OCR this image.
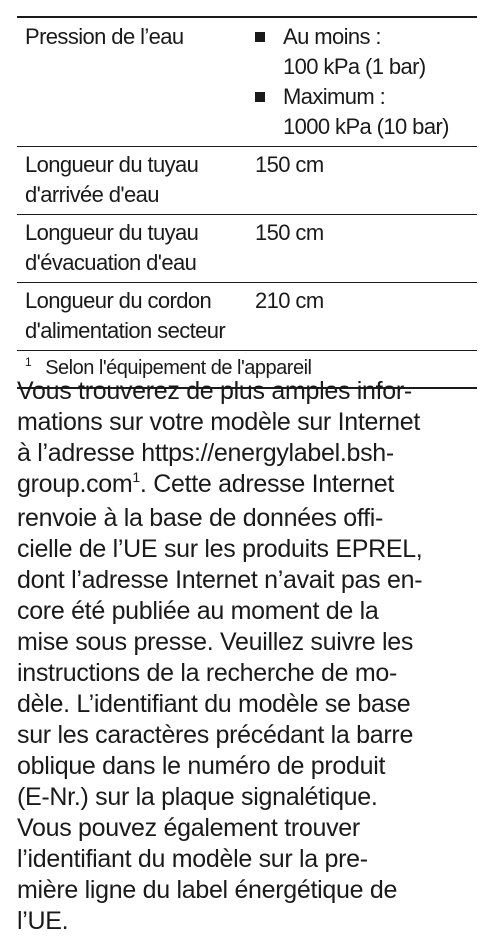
Pression de l’eau	Au moins :
100 kPa (1 bar)
Maximum :
1000 kPa (10 bar)
Longueur du tuyau
d'arrivée d'eau
150 cm
Longueur du tuyau
d'évacuation d'eau
150 cm
Longueur du cordon
d'alimentation secteur
210 cm
$^1$ Selon l'équipement de l'appareil

Vous trouverez de plus amples infor-
mations sur votre modèle sur Internet
à l’adresse https://energylabel.bsh-
group.com$^1$. Cette adresse Internet
renvoie à la base de données offi-
cielle de l’UE sur les produits EPREL,
dont l’adresse Internet n’avait pas en-
core été publiée au moment de la
mise sous presse. Veuillez suivre les
instructions de la recherche de mo-
dèle. L’identifiant du modèle se base
sur les caractères précédant la barre
oblique dans le numéro de produit
(E-Nr.) sur la plaque signalétique.
Vous pouvez également trouver
l’identifiant du modèle sur la pre-
mière ligne du label énergétique de
l’UE.
